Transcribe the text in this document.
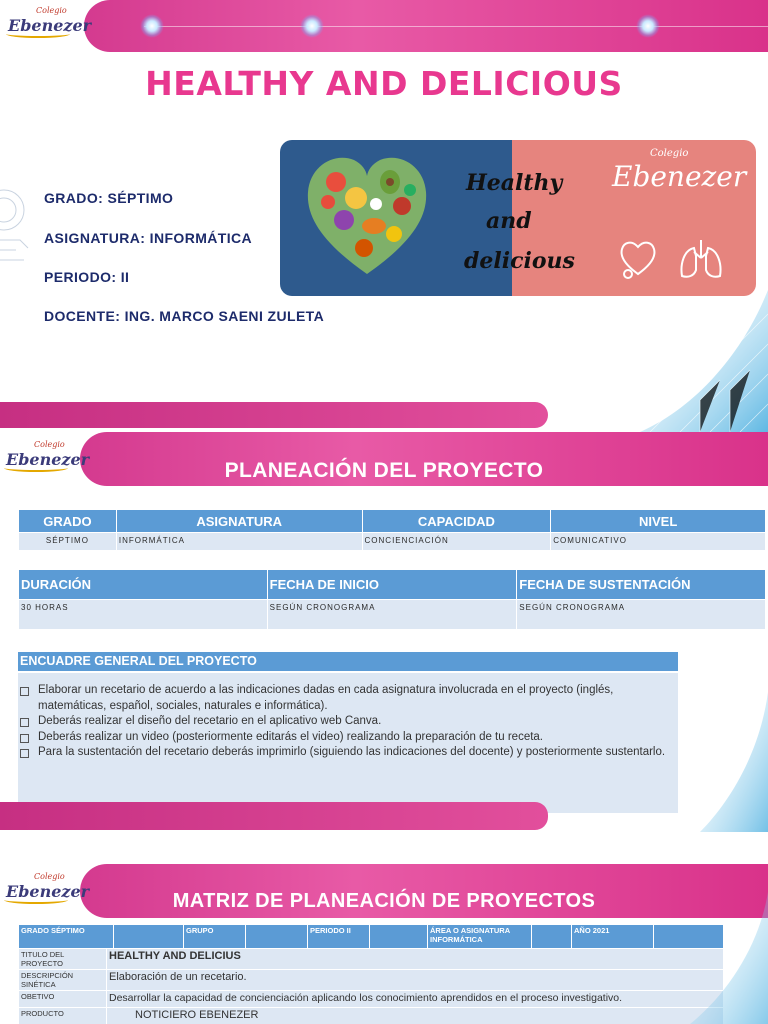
Colegio
Ebenezer
HEALTHY AND DELICIOUS
GRADO: SÉPTIMO
ASIGNATURA: INFORMÁTICA
PERIODO: II
DOCENTE: ING. MARCO SAENI ZULETA
Healthy
and
delicious
Colegio
Ebenezer
Colegio
Ebenezer	PLANEACIÓN DEL PROYECTO
GRADO	ASIGNATURA	CAPACIDAD	NIVEL
SÉPTIMO	INFORMÁTICA	CONCIENCIACIÓN	COMUNICATIVO
DURACIÓN	FECHA DE INICIO	FECHA DE SUSTENTACIÓN
30 HORAS	SEGÚN CRONOGRAMA	SEGÚN CRONOGRAMA
ENCUADRE GENERAL DEL PROYECTO
Elaborar un recetario de acuerdo a las indicaciones dadas en cada asignatura involucrada en el proyecto (inglés, matemáticas, español, sociales, naturales e informática).
Deberás realizar el diseño del recetario en el aplicativo web Canva.
Deberás realizar un video (posteriormente editarás el video) realizando la preparación de tu receta.
Para la sustentación del recetario deberás imprimirlo (siguiendo las indicaciones del docente) y posteriormente sustentarlo.
Colegio
Ebenezer	MATRIZ DE PLANEACIÓN DE PROYECTOS
GRADO SÉPTIMO			GRUPO		PERIODO II		ÁREA O ASIGNATURA INFORMÁTICA		AÑO 2021	
TITULO DEL PROYECTO	HEALTHY AND DELICIUS									
DESCRIPCIÓN SINÉTICA	Elaboración de un recetario.									
OBETIVO	Desarrollar la capacidad de concienciación aplicando los conocimiento aprendidos en el proceso investigativo.									
PRODUCTO	NOTICIERO EBENEZER									
